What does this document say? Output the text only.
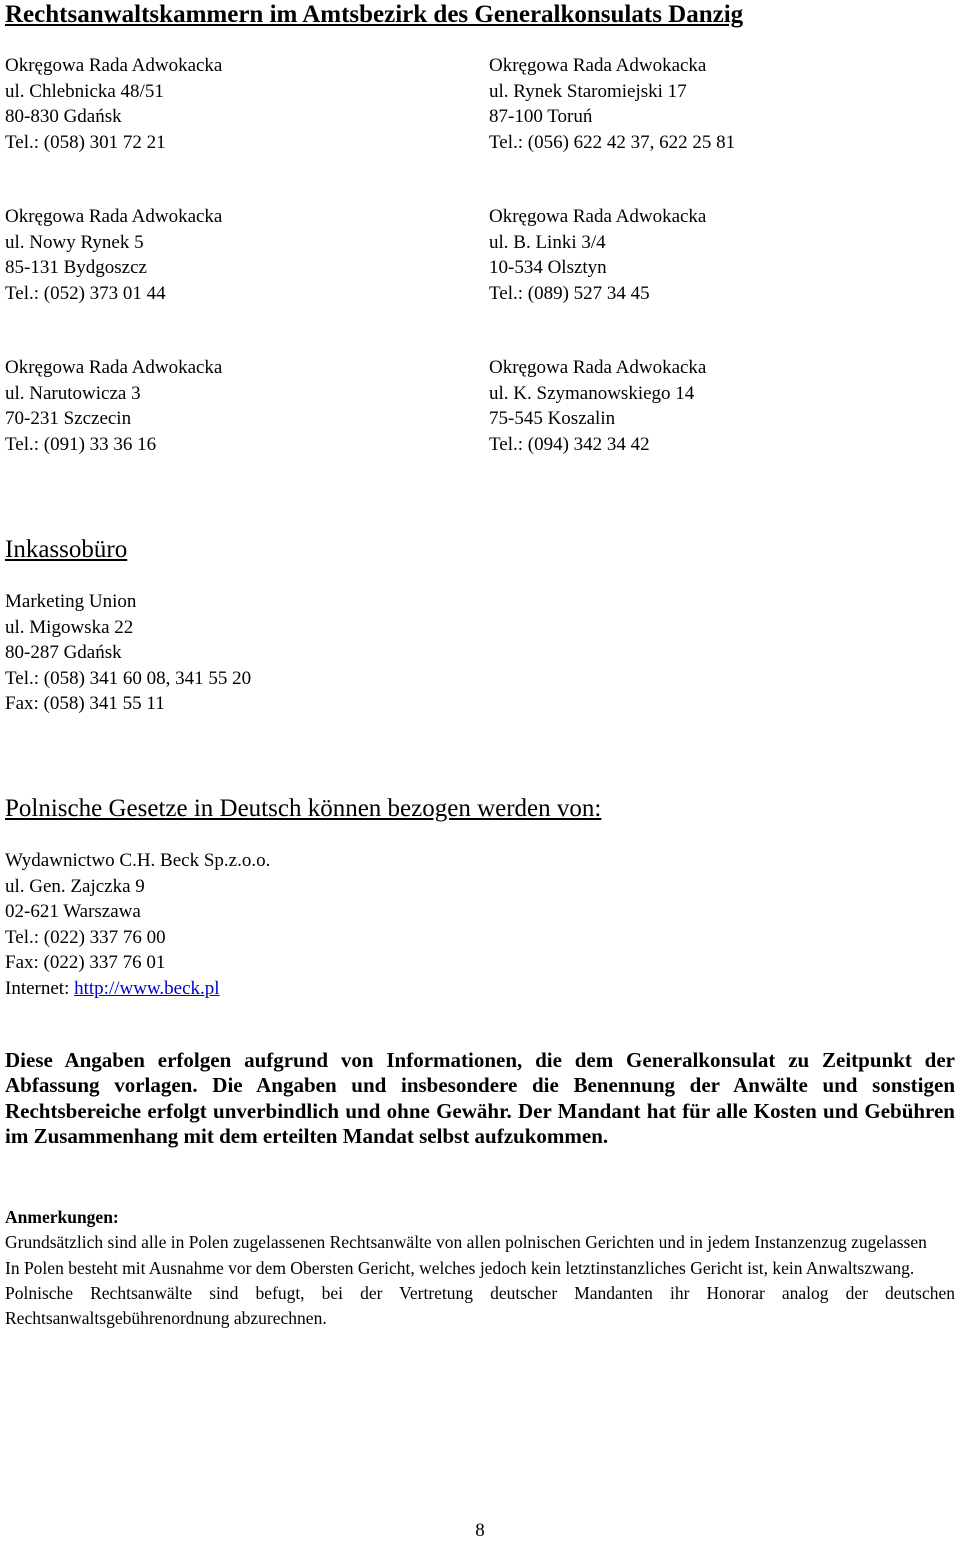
Rechtsanwaltskammern im Amtsbezirk des Generalkonsulats Danzig
Okręgowa Rada Adwokacka
ul. Chlebnicka 48/51
80-830 Gdańsk
Tel.: (058) 301 72 21
Okręgowa Rada Adwokacka
ul. Rynek Staromiejski 17
87-100 Toruń
Tel.: (056) 622 42 37, 622 25 81
Okręgowa Rada Adwokacka
ul. Nowy Rynek 5
85-131 Bydgoszcz
Tel.: (052) 373 01 44
Okręgowa Rada Adwokacka
ul. B. Linki 3/4
10-534 Olsztyn
Tel.: (089) 527 34 45
Okręgowa Rada Adwokacka
ul. Narutowicza 3
70-231 Szczecin
Tel.: (091) 33 36 16
Okręgowa Rada Adwokacka
ul. K. Szymanowskiego 14
75-545 Koszalin
Tel.: (094) 342 34 42
Inkassobüro
Marketing Union
ul. Migowska 22
80-287 Gdańsk
Tel.: (058) 341 60 08, 341 55 20
Fax: (058) 341 55 11
Polnische Gesetze in Deutsch können bezogen werden von:
Wydawnictwo C.H. Beck Sp.z.o.o.
ul. Gen. Zajczka 9
02-621 Warszawa
Tel.: (022) 337 76 00
Fax: (022) 337 76 01
Internet: http://www.beck.pl
Diese Angaben erfolgen aufgrund von Informationen, die dem Generalkonsulat zu Zeitpunkt der Abfassung vorlagen. Die Angaben und insbesondere die Benennung der Anwälte und sonstigen Rechtsbereiche erfolgt unverbindlich und ohne Gewähr. Der Mandant hat für alle Kosten und Gebühren im Zusammenhang mit dem erteilten Mandat selbst aufzukommen.
Anmerkungen:
Grundsätzlich sind alle in Polen zugelassenen Rechtsanwälte von allen polnischen Gerichten und in jedem Instanzenzug zugelassen
In Polen besteht mit Ausnahme vor dem Obersten Gericht, welches jedoch kein letztinstanzliches Gericht ist, kein Anwaltszwang.
Polnische Rechtsanwälte sind befugt, bei der Vertretung deutscher Mandanten ihr Honorar analog der deutschen Rechtsanwaltsgebührenordnung abzurechnen.
8
